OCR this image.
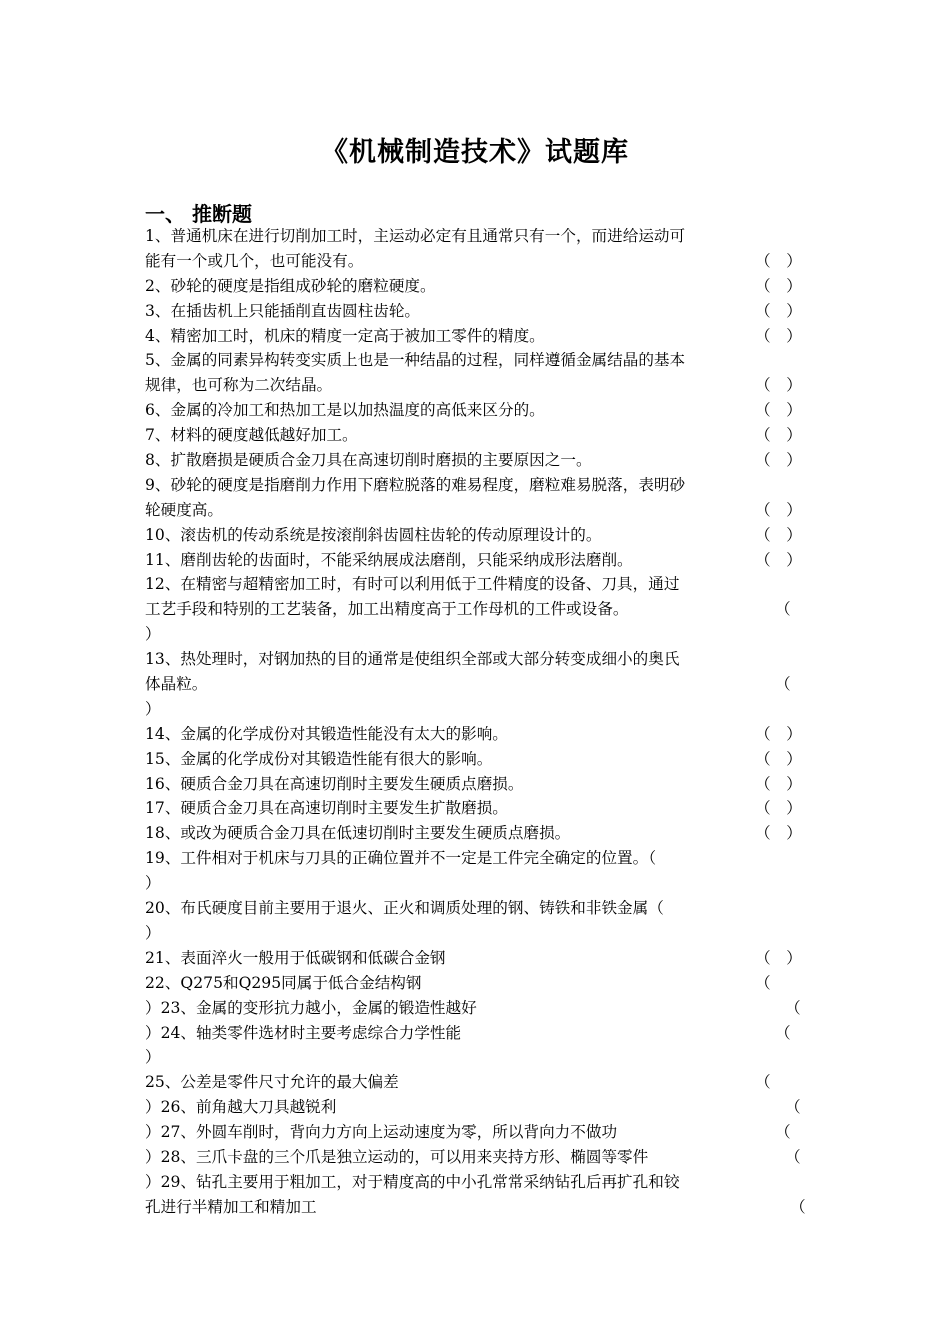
《机械制造技术》试题库
一、 推断题
1、普通机床在进行切削加工时，主运动必定有且通常只有一个，而进给运动可
能有一个或几个，也可能没有。	（　）
2、砂轮的硬度是指组成砂轮的磨粒硬度。	（　）
3、在插齿机上只能插削直齿圆柱齿轮。	（　）
4、精密加工时，机床的精度一定高于被加工零件的精度。	（　）
5、金属的同素异构转变实质上也是一种结晶的过程，同样遵循金属结晶的基本
规律，也可称为二次结晶。	（　）
6、金属的冷加工和热加工是以加热温度的高低来区分的。	（　）
7、材料的硬度越低越好加工。	（　）
8、扩散磨损是硬质合金刀具在高速切削时磨损的主要原因之一。	（　）
9、砂轮的硬度是指磨削力作用下磨粒脱落的难易程度，磨粒难易脱落，表明砂
轮硬度高。	（　）
10、滚齿机的传动系统是按滚削斜齿圆柱齿轮的传动原理设计的。	（　）
11、磨削齿轮的齿面时，不能采纳展成法磨削，只能采纳成形法磨削。	（　）
12、在精密与超精密加工时，有时可以利用低于工件精度的设备、刀具，通过
工艺手段和特别的工艺装备，加工出精度高于工作母机的工件或设备。	（
）
13、热处理时，对钢加热的目的通常是使组织全部或大部分转变成细小的奥氏
体晶粒。	（
）
14、金属的化学成份对其锻造性能没有太大的影响。	（　）
15、金属的化学成份对其锻造性能有很大的影响。	（　）
16、硬质合金刀具在高速切削时主要发生硬质点磨损。	（　）
17、硬质合金刀具在高速切削时主要发生扩散磨损。	（　）
18、或改为硬质合金刀具在低速切削时主要发生硬质点磨损。	（　）
19、工件相对于机床与刀具的正确位置并不一定是工件完全确定的位置。（
）
20、布氏硬度目前主要用于退火、正火和调质处理的钢、铸铁和非铁金属（
）
21、表面淬火一般用于低碳钢和低碳合金钢	（　）
22、Q275和Q295同属于低合金结构钢	（
）23、金属的变形抗力越小，金属的锻造性越好	（
）24、轴类零件选材时主要考虑综合力学性能	（
）
25、公差是零件尺寸允许的最大偏差	（
）26、前角越大刀具越锐利	（
）27、外圆车削时，背向力方向上运动速度为零，所以背向力不做功	（
）28、三爪卡盘的三个爪是独立运动的，可以用来夹持方形、椭圆等零件	（
）29、钻孔主要用于粗加工，对于精度高的中小孔常常采纳钻孔后再扩孔和铰
孔进行半精加工和精加工	（
